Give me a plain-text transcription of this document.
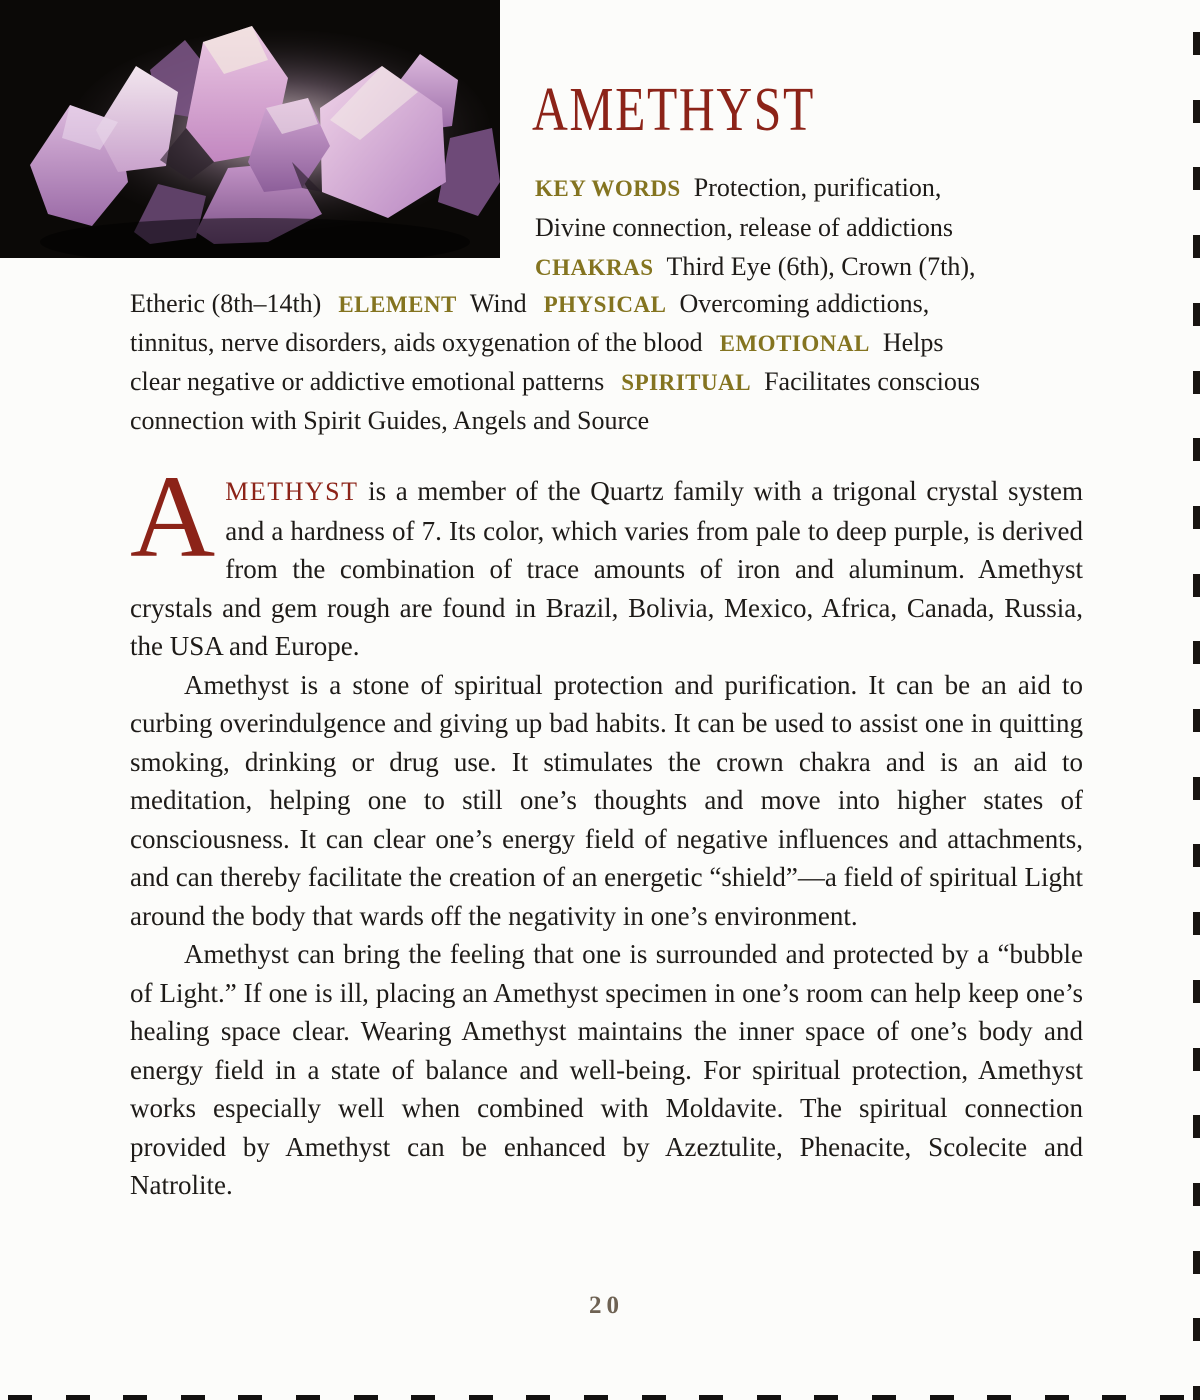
AMETHYST
KEY WORDS Protection, purification,
Divine connection, release of addictions
CHAKRAS Third Eye (6th), Crown (7th),
Etheric (8th–14th) ELEMENT Wind PHYSICAL Overcoming addictions,
tinnitus, nerve disorders, aids oxygenation of the blood EMOTIONAL Helps
clear negative or addictive emotional patterns SPIRITUAL Facilitates conscious
connection with Spirit Guides, Angels and Source

AMETHYST is a member of the Quartz family with a trigonal crystal system and a hardness of 7. Its color, which varies from pale to deep purple, is derived from the combination of trace amounts of iron and aluminum. Amethyst crystals and gem rough are found in Brazil, Bolivia, Mexico, Africa, Canada, Russia, the USA and Europe.

Amethyst is a stone of spiritual protection and purification. It can be an aid to curbing overindulgence and giving up bad habits. It can be used to assist one in quitting smoking, drinking or drug use. It stimulates the crown chakra and is an aid to meditation, helping one to still one’s thoughts and move into higher states of consciousness. It can clear one’s energy field of negative influences and attachments, and can thereby facilitate the creation of an energetic “shield”—a field of spiritual Light around the body that wards off the negativity in one’s environment.

Amethyst can bring the feeling that one is surrounded and protected by a “bubble of Light.” If one is ill, placing an Amethyst specimen in one’s room can help keep one’s healing space clear. Wearing Amethyst maintains the inner space of one’s body and energy field in a state of balance and well-being. For spiritual protection, Amethyst works especially well when combined with Moldavite. The spiritual connection provided by Amethyst can be enhanced by Azeztulite, Phenacite, Scolecite and Natrolite.

20
